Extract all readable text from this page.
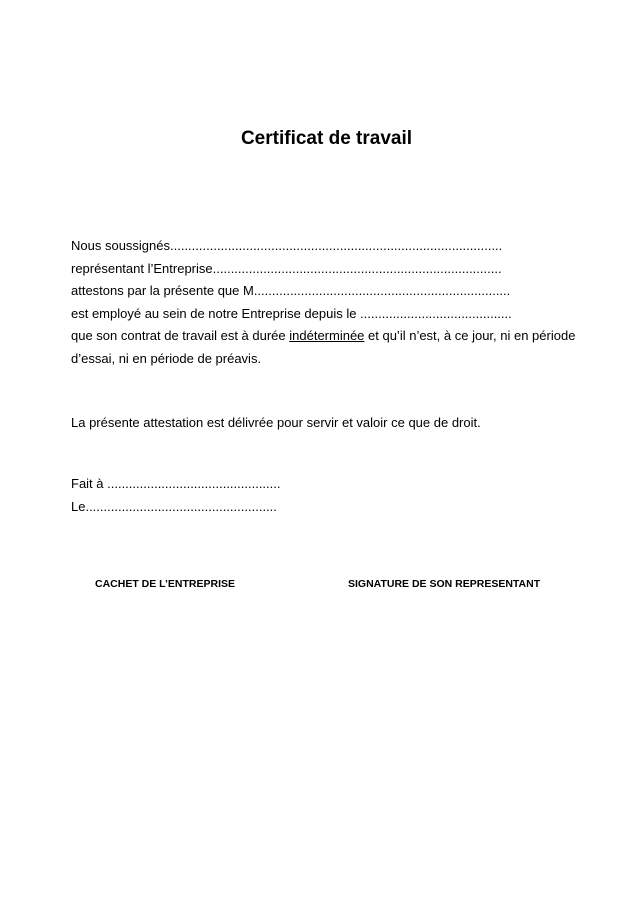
Certificat de travail
Nous soussignés............................................................................................
représentant l’Entreprise................................................................................
attestons par la présente que M.......................................................................
est employé au sein de notre Entreprise depuis le ..........................................
que son contrat de travail est à durée indéterminée et qu’il n’est, à ce jour, ni en période
d’essai, ni en période de préavis.
La présente attestation est délivrée pour servir et valoir ce que de droit.
Fait à ................................................
Le.....................................................
CACHET DE L’ENTREPRISE	SIGNATURE DE SON REPRESENTANT
